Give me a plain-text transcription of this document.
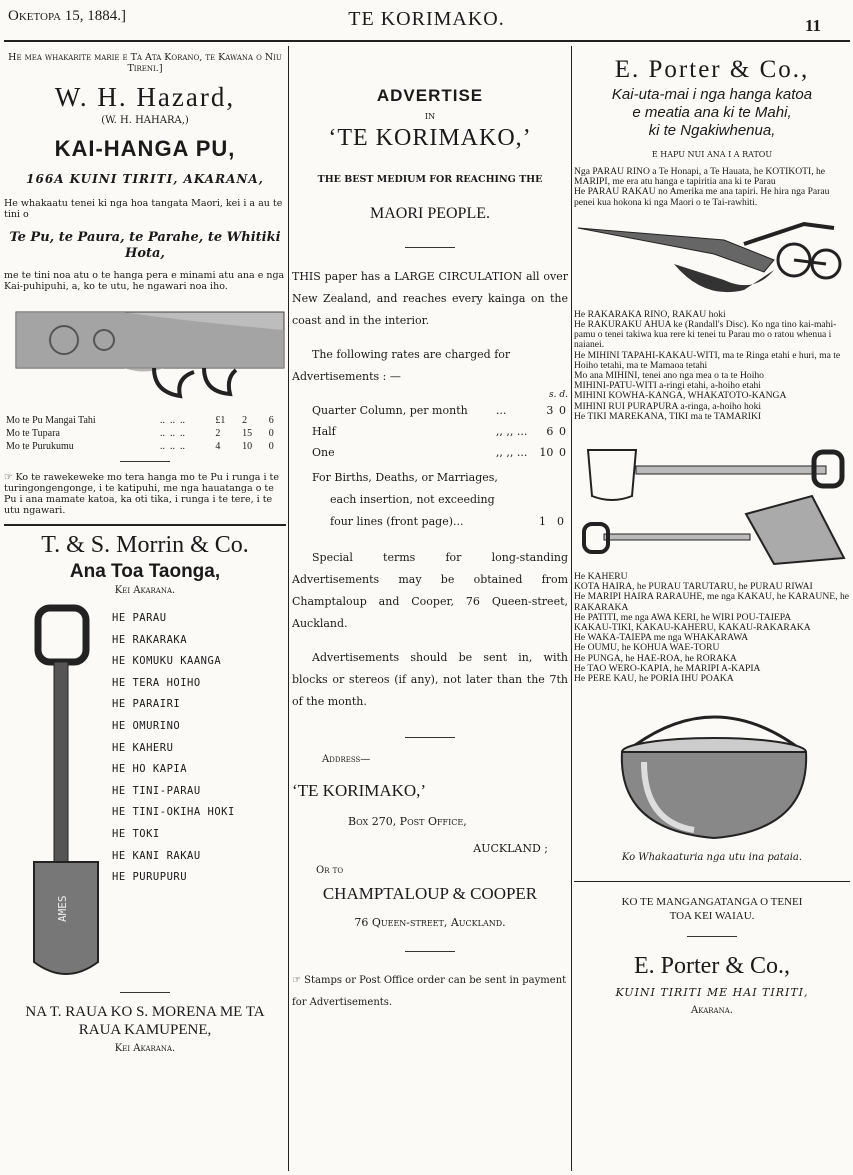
Oketopa 15, 1884.]	TE KORIMAKO.	11

He mea whakarite marie e Ta Ata Korano, te Kawana o Niu Tireni.]

W. H. Hazard,

(W. H. HAHARA,)

KAI-HANGA PU,

166A KUINI TIRITI, AKARANA,

He whakaatu tenei ki nga hoa tangata Maori, kei i a au te tini o

Te Pu, te Paura, te Parahe, te Whitiki Hota,

me te tini noa atu o te hanga pera e minami atu ana e nga Kai-puhipuhi, a, ko te utu, he ngawari noa iho.

Mo te Pu Mangai Tahi	..  ..  ..	£1	2	6
Mo te Tupara	..  ..  ..	2	15	0
Mo te Purukumu	..  ..  ..	4	10	0

☞ Ko te rawekeweke mo tera hanga mo te Pu i runga i te turingongengonge, i te katipuhi, me nga hauatanga o te Pu i ana mamate katoa, ka oti tika, i runga i te tere, i te utu ngawari.

T. & S. Morrin & Co.

Ana Toa Taonga,

Kei Akarana.

AMES

HE PARAU

HE RAKARAKA

HE KOMUKU KAANGA

HE TERA HOIHO

HE PARAIRI

HE OMURINO

HE KAHERU

HE HO KAPIA

HE TINI-PARAU

HE TINI-OKIHA HOKI

HE TOKI

HE KANI RAKAU

HE PURUPURU

NA T. RAUA KO S. MORENA ME TA RAUA KAMUPENE,

Kei Akarana.

ADVERTISE

IN

‘TE KORIMAKO,’

THE BEST MEDIUM FOR REACHING THE

MAORI PEOPLE.

THIS paper has a LARGE CIRCULATION all over New Zealand, and reaches every kainga on the coast and in the interior.

The following rates are charged for Advertisements : —

s. d.
Quarter Column, per month	...	3	0
Half	,, ,, ...	6	0
One	,, ,, ...	10	0

For Births, Deaths, or Marriages,

each insertion, not exceeding

four lines (front page)...	1 0

Special terms for long-standing Advertisements may be obtained from Champtaloup and Cooper, 76 Queen-street, Auckland.

Advertisements should be sent in, with blocks or stereos (if any), not later than the 7th of the month.

Address—

‘TE KORIMAKO,’

Box 270, Post Office,

AUCKLAND ;

Or to

CHAMPTALOUP & COOPER

76 Queen-street, Auckland.

☞ Stamps or Post Office order can be sent in payment for Advertisements.

E. Porter & Co.,

Kai-uta-mai i nga hanga katoa

e meatia ana ki te Mahi,

ki te Ngakiwhenua,

E HAPU NUI ANA I A RATOU

Nga PARAU RINO a Te Honapi, a Te Hauata, he KOTIKOTI, he MARIPI, me era atu hanga e tapiritia ana ki te Parau

He PARAU RAKAU no Amerika me ana tapiri. He hira nga Parau penei kua hokona ki nga Maori o te Tai-rawhiti.

He RAKARAKA RINO, RAKAU hoki

He RAKURAKU AHUA ke (Randall's Disc). Ko nga tino kai-mahi-pamu o tenei takiwa kua rere ki tenei tu Parau mo o ratou whenua i naianei.

He MIHINI TAPAHI-KAKAU-WITI, ma te Ringa etahi e huri, ma te Hoiho tetahi, ma te Mamaoa tetahi

Mo ana MIHINI, tenei ano nga mea o ta te Hoiho

MIHINI-PATU-WITI a-ringi etahi, a-hoiho etahi

MIHINI KOWHA-KANGA, WHAKATOTO-KANGA

MIHINI RUI PURAPURA a-ringa, a-hoiho hoki

He TIKI MAREKANA, TIKI ma te TAMARIKI

He KAHERU

KOTA HAIRA, he PURAU TARUTARU, he PURAU RIWAI

He MARIPI HAIRA RARAUHE, me nga KAKAU, he KARAUNE, he RAKARAKA

He PATITI, me nga AWA KERI, he WIRI POU-TAIEPA

KAKAU-TIKI, KAKAU-KAHERU, KAKAU-RAKARAKA

He WAKA-TAIEPA me nga WHAKARAWA

He OUMU, he KOHUA WAE-TORU

He PUNGA, he HAE-ROA, he RORAKA

He TAO WERO-KAPIA, he MARIPI A-KAPIA

He PERE KAU, he PORIA IHU POAKA

Ko Whakaaturia nga utu ina pataia.

KO TE MANGANGATANGA O TENEI

TOA KEI WAIAU.

E. Porter & Co.,

KUINI TIRITI ME HAI TIRITI,

Akarana.
